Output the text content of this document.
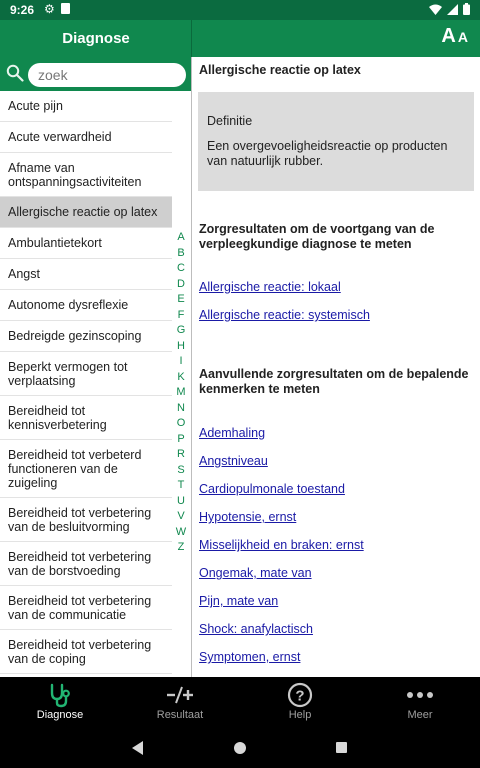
9:26 ⚙
Diagnose	A A
zoek
Acute pijn
Acute verwardheid
Afname van ontspanningsactiviteiten
Allergische reactie op latex
Ambulantietekort
Angst
Autonome dysreflexie
Bedreigde gezinscoping
Beperkt vermogen tot verplaatsing
Bereidheid tot kennisverbetering
Bereidheid tot verbeterd functioneren van de zuigeling
Bereidheid tot verbetering van de besluitvorming
Bereidheid tot verbetering van de borstvoeding
Bereidheid tot verbetering van de communicatie
Bereidheid tot verbetering van de coping
A
B
C
D
E
F
G
H
I
K
M
N
O
P
R
S
T
U
V
W
Z
Allergische reactie op latex
Definitie
Een overgevoeligheidsreactie op producten van natuurlijk rubber.
Zorgresultaten om de voortgang van de verpleegkundige diagnose te meten
Allergische reactie: lokaal
Allergische reactie: systemisch
Aanvullende zorgresultaten om de bepalende kenmerken te meten
Ademhaling
Angstniveau
Cardiopulmonale toestand
Hypotensie, ernst
Misselijkheid en braken: ernst
Ongemak, mate van
Pijn, mate van
Shock: anafylactisch
Symptomen, ernst
Diagnose	Resultaat
?
Help	Meer
